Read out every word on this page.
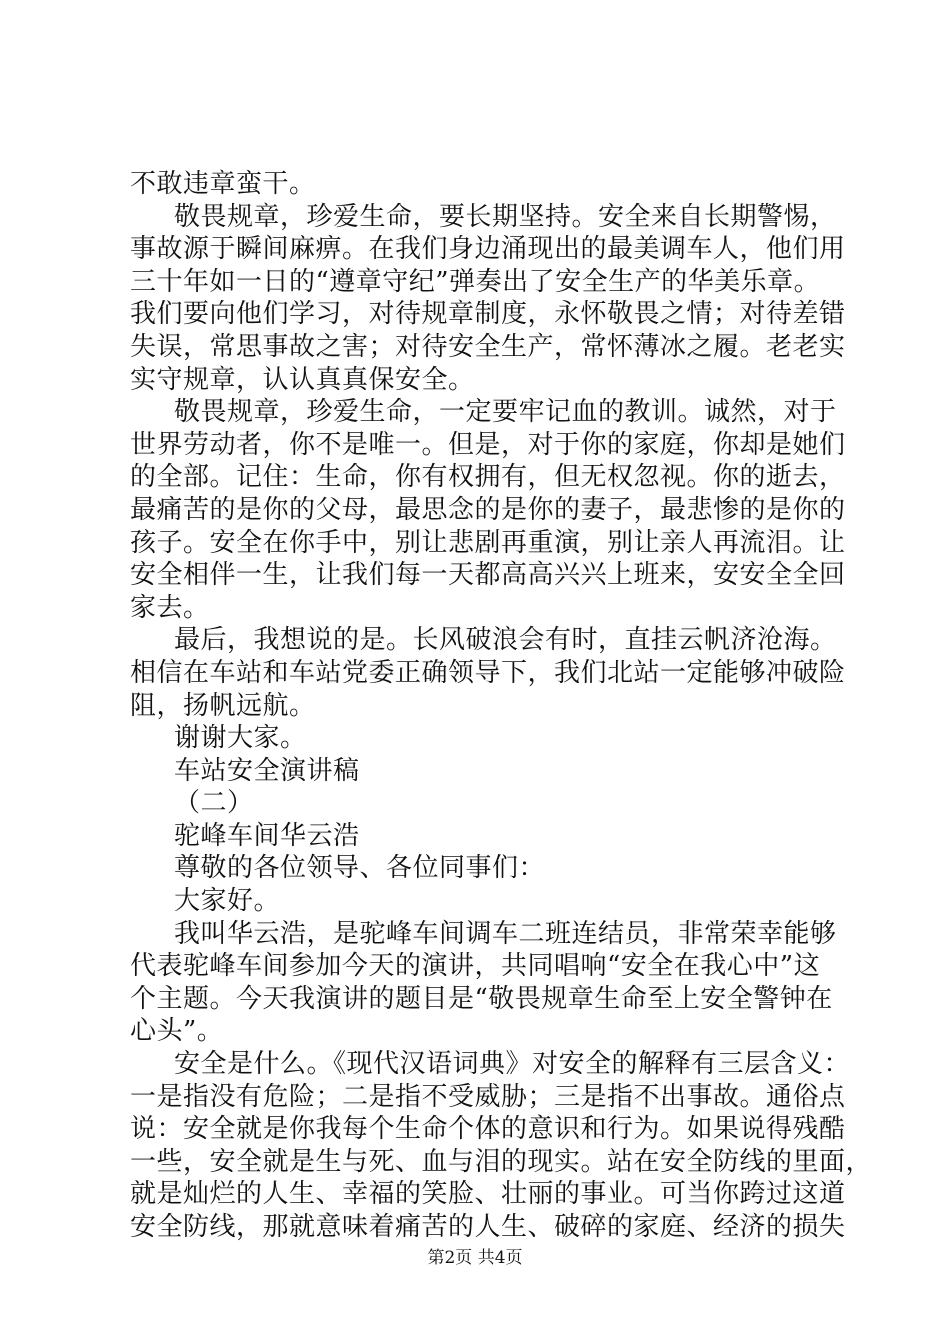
不敢违章蛮干。
敬畏规章，珍爱生命，要长期坚持。安全来自长期警惕，
事故源于瞬间麻痹。在我们身边涌现出的最美调车人，他们用
三十年如一日的“遵章守纪”弹奏出了安全生产的华美乐章。
我们要向他们学习，对待规章制度，永怀敬畏之情；对待差错
失误，常思事故之害；对待安全生产，常怀薄冰之履。老老实
实守规章，认认真真保安全。
敬畏规章，珍爱生命，一定要牢记血的教训。诚然，对于
世界劳动者，你不是唯一。但是，对于你的家庭，你却是她们
的全部。记住：生命，你有权拥有，但无权忽视。你的逝去，
最痛苦的是你的父母，最思念的是你的妻子，最悲惨的是你的
孩子。安全在你手中，别让悲剧再重演，别让亲人再流泪。让
安全相伴一生，让我们每一天都高高兴兴上班来，安安全全回
家去。
最后，我想说的是。长风破浪会有时，直挂云帆济沧海。
相信在车站和车站党委正确领导下，我们北站一定能够冲破险
阻，扬帆远航。
谢谢大家。
车站安全演讲稿
（二）
驼峰车间华云浩
尊敬的各位领导、各位同事们：
大家好。
我叫华云浩，是驼峰车间调车二班连结员，非常荣幸能够
代表驼峰车间参加今天的演讲，共同唱响“安全在我心中”这
个主题。今天我演讲的题目是“敬畏规章生命至上安全警钟在
心头”。
安全是什么。《现代汉语词典》对安全的解释有三层含义：
一是指没有危险；二是指不受威胁；三是指不出事故。通俗点
说：安全就是你我每个生命个体的意识和行为。如果说得残酷
一些，安全就是生与死、血与泪的现实。站在安全防线的里面，
就是灿烂的人生、幸福的笑脸、壮丽的事业。可当你跨过这道
安全防线，那就意味着痛苦的人生、破碎的家庭、经济的损失
第2页 共4页
